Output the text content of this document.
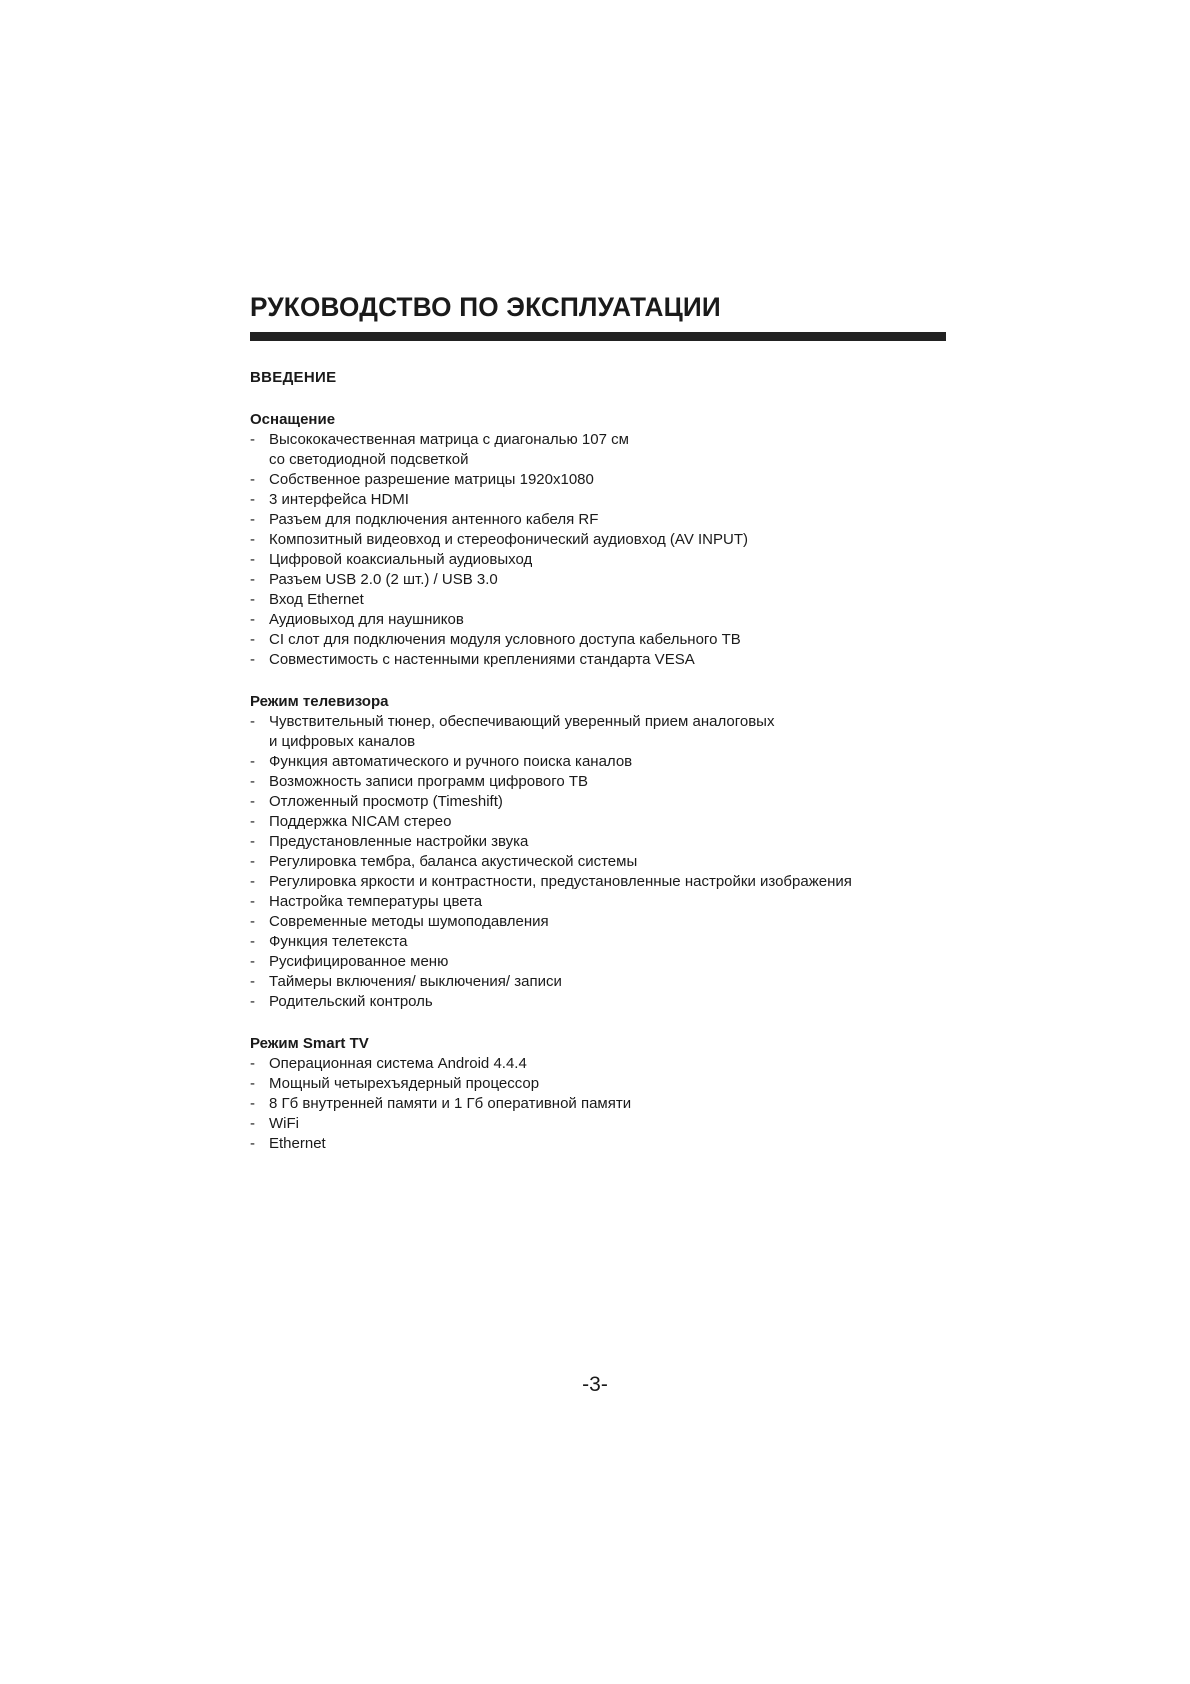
РУКОВОДСТВО ПО ЭКСПЛУАТАЦИИ
ВВЕДЕНИЕ
Оснащение
- Высококачественная матрица с диагональю 107 см
со светодиодной подсветкой
- Собственное разрешение матрицы 1920x1080
- 3 интерфейса HDMI
- Разъем для подключения антенного кабеля RF
- Композитный видеовход и стереофонический аудиовход (AV INPUT)
- Цифровой коаксиальный аудиовыход
- Разъем USB 2.0 (2 шт.) / USB 3.0
- Вход Ethernet
- Аудиовыход для наушников
- CI слот для подключения модуля условного доступа кабельного ТВ
- Совместимость с настенными креплениями стандарта VESA
Режим телевизора
- Чувствительный тюнер, обеспечивающий уверенный прием аналоговых
и цифровых каналов
- Функция автоматического и ручного поиска каналов
- Возможность записи программ цифрового ТВ
- Отложенный просмотр (Timeshift)
- Поддержка NICAM стерео
- Предустановленные настройки звука
- Регулировка тембра, баланса акустической системы
- Регулировка яркости и контрастности, предустановленные настройки изображения
- Настройка температуры цвета
- Современные методы шумоподавления
- Функция телетекста
- Русифицированное меню
- Таймеры включения/ выключения/ записи
- Родительский контроль
Режим Smart TV
- Операционная система Android 4.4.4
- Мощный четырехъядерный процессор
- 8 Гб внутренней памяти и 1 Гб оперативной памяти
- WiFi
- Ethernet
-3-
